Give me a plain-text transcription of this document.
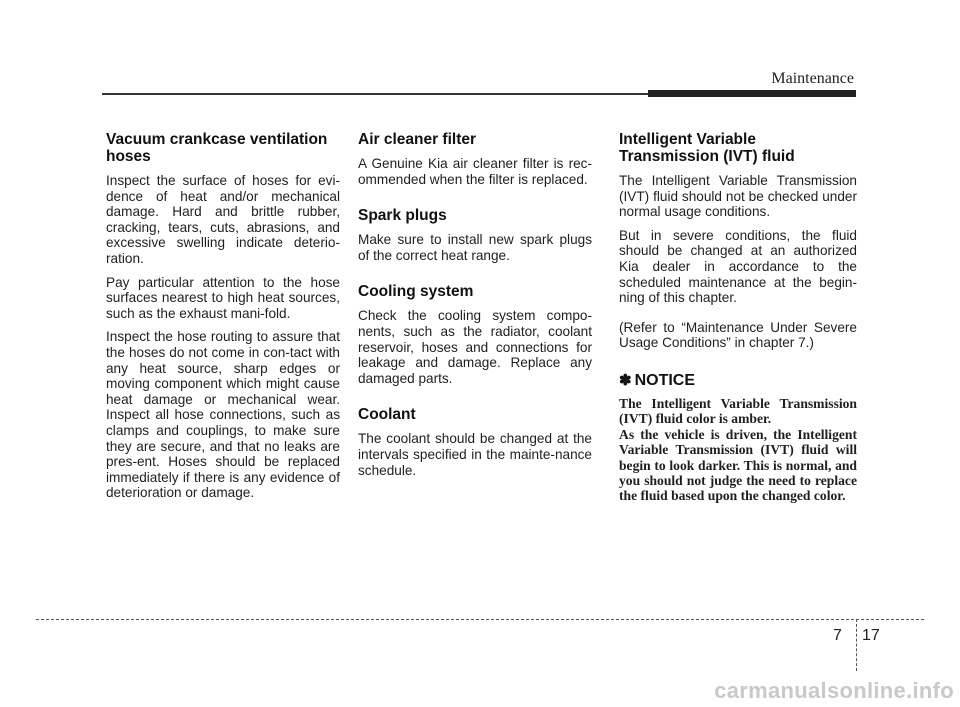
Maintenance
Vacuum crankcase ventilation hoses

Inspect the surface of hoses for evi-dence of heat and/or mechanical damage. Hard and brittle rubber, cracking, tears, cuts, abrasions, and excessive swelling indicate deterio-ration.

Pay particular attention to the hose surfaces nearest to high heat sources, such as the exhaust mani-fold.

Inspect the hose routing to assure that the hoses do not come in con-tact with any heat source, sharp edges or moving component which might cause heat damage or mechanical wear. Inspect all hose connections, such as clamps and couplings, to make sure they are secure, and that no leaks are pres-ent. Hoses should be replaced immediately if there is any evidence of deterioration or damage.

Air cleaner filter

A Genuine Kia air cleaner filter is rec-ommended when the filter is replaced.

Spark plugs

Make sure to install new spark plugs of the correct heat range.

Cooling system

Check the cooling system compo-nents, such as the radiator, coolant reservoir, hoses and connections for leakage and damage. Replace any damaged parts.

Coolant

The coolant should be changed at the intervals specified in the mainte-nance schedule.

Intelligent Variable Transmission (IVT) fluid

The Intelligent Variable Transmission (IVT) fluid should not be checked under normal usage conditions.

But in severe conditions, the fluid should be changed at an authorized Kia dealer in accordance to the scheduled maintenance at the begin-ning of this chapter.

(Refer to “Maintenance Under Severe Usage Conditions” in chapter 7.)

✽ NOTICE

The Intelligent Variable Transmission (IVT) fluid color is amber.

As the vehicle is driven, the Intelligent Variable Transmission (IVT) fluid will begin to look darker. This is normal, and you should not judge the need to replace the fluid based upon the changed color.

7 17
carmanualsonline.info
